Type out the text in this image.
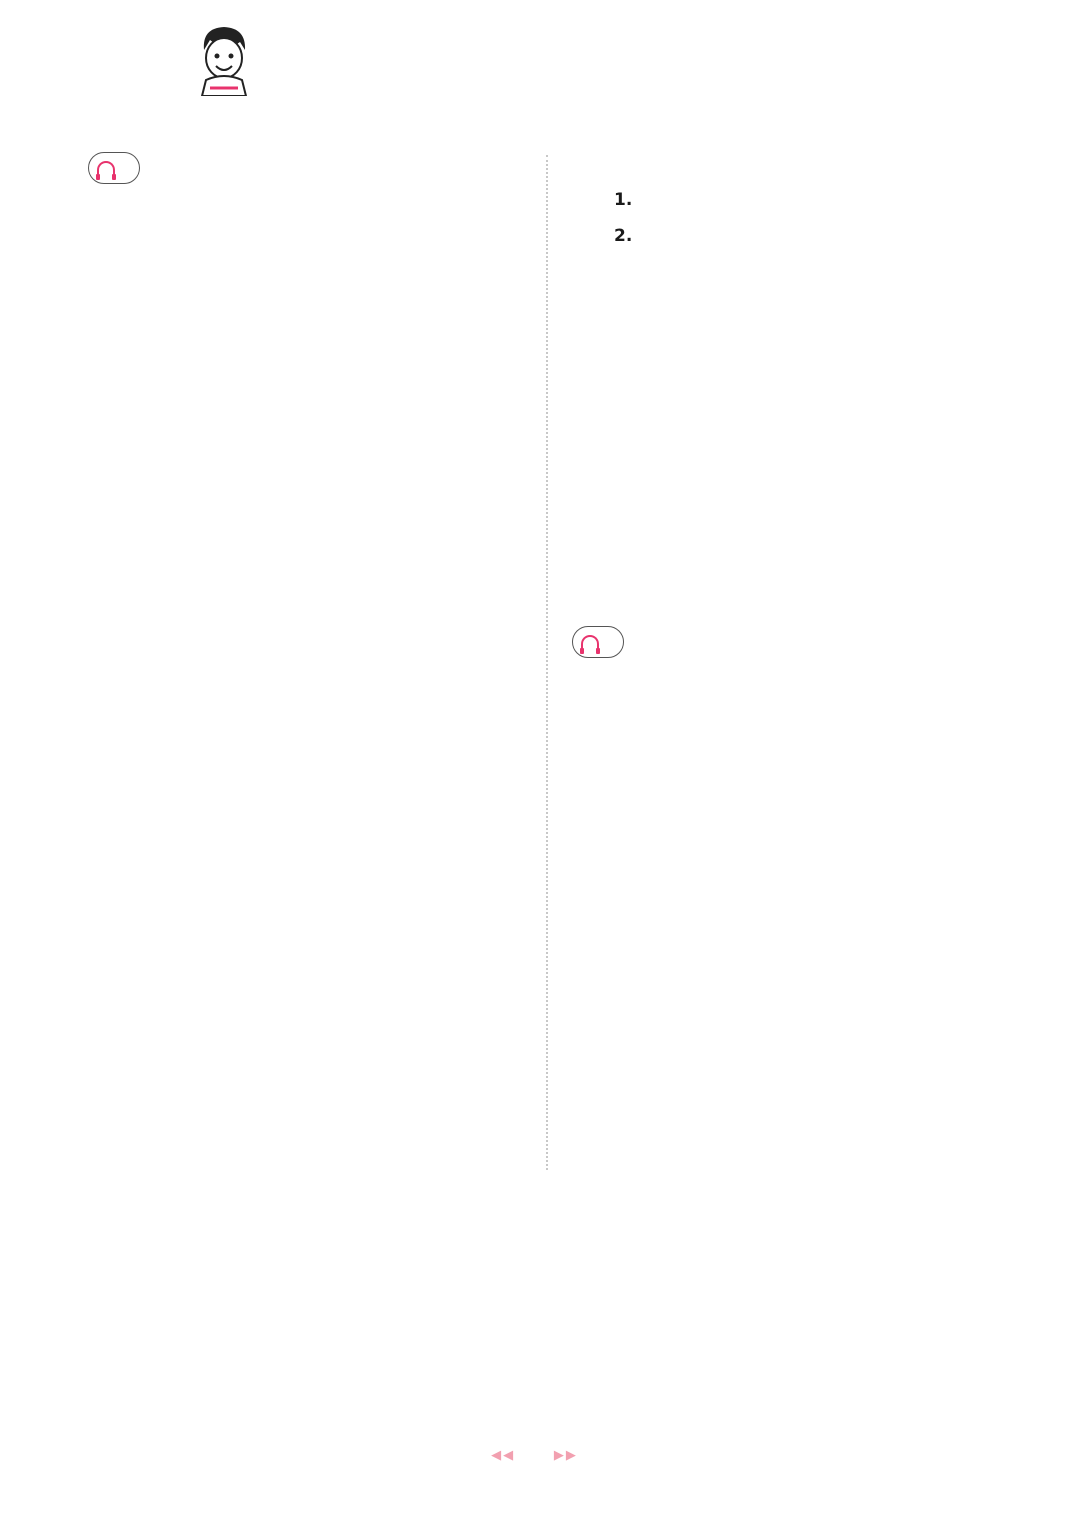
1.
2.
◀◀	▶▶
